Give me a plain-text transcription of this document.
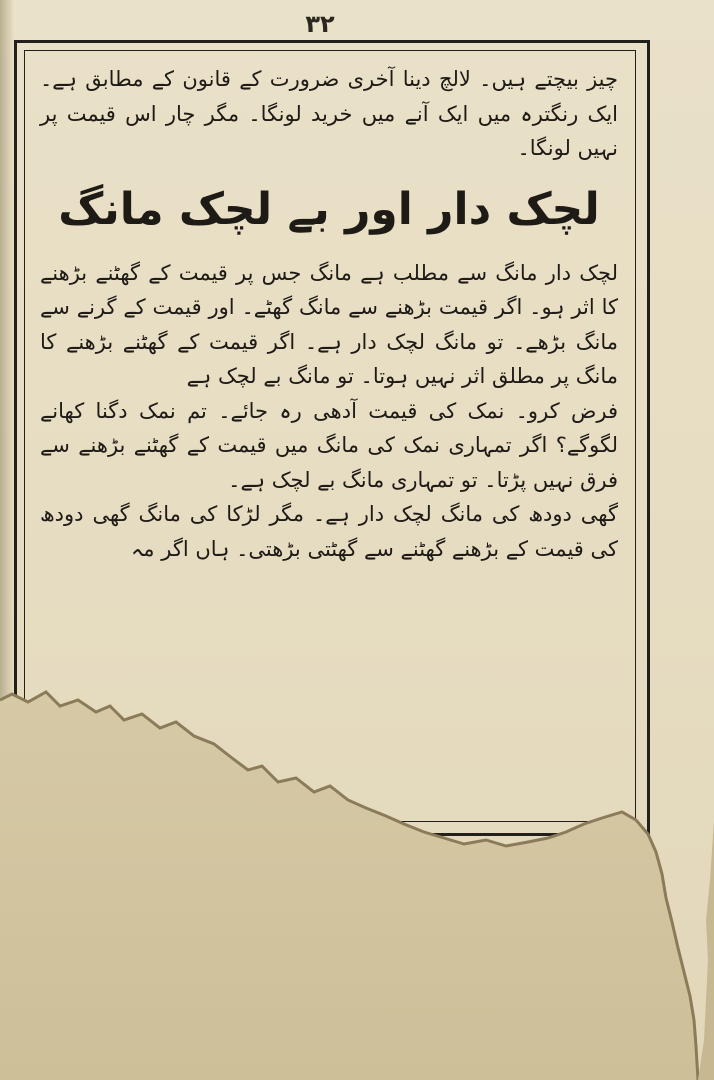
۳۲

چیز بیچتے ہیں۔ لالچ دینا آخری ضرورت کے قانون کے مطابق ہے۔ ایک رنگترہ میں ایک آنے میں خرید لونگا۔ مگر چار اس قیمت پر نہیں لونگا۔

لچک دار اور بے لچک مانگ

لچک دار مانگ سے مطلب ہے مانگ جس پر قیمت کے گھٹنے بڑھنے کا اثر ہو۔ اگر قیمت بڑھنے سے مانگ گھٹے۔ اور قیمت کے گرنے سے مانگ بڑھے۔ تو مانگ لچک دار ہے۔ اگر قیمت کے گھٹنے بڑھنے کا مانگ پر مطلق اثر نہیں ہوتا۔ تو مانگ بے لچک ہے

فرض کرو۔ نمک کی قیمت آدھی رہ جائے۔ تم نمک دگنا کھانے لگوگے؟ اگر تمہاری نمک کی مانگ میں قیمت کے گھٹنے بڑھنے سے فرق نہیں پڑتا۔ تو تمہاری مانگ بے لچک ہے۔

گھی دودھ کی مانگ لچک دار ہے۔ مگر لڑکا کی مانگ گھی دودھ کی قیمت کے بڑھنے گھٹنے سے گھٹتی بڑھتی۔ ہاں اگر مہ
